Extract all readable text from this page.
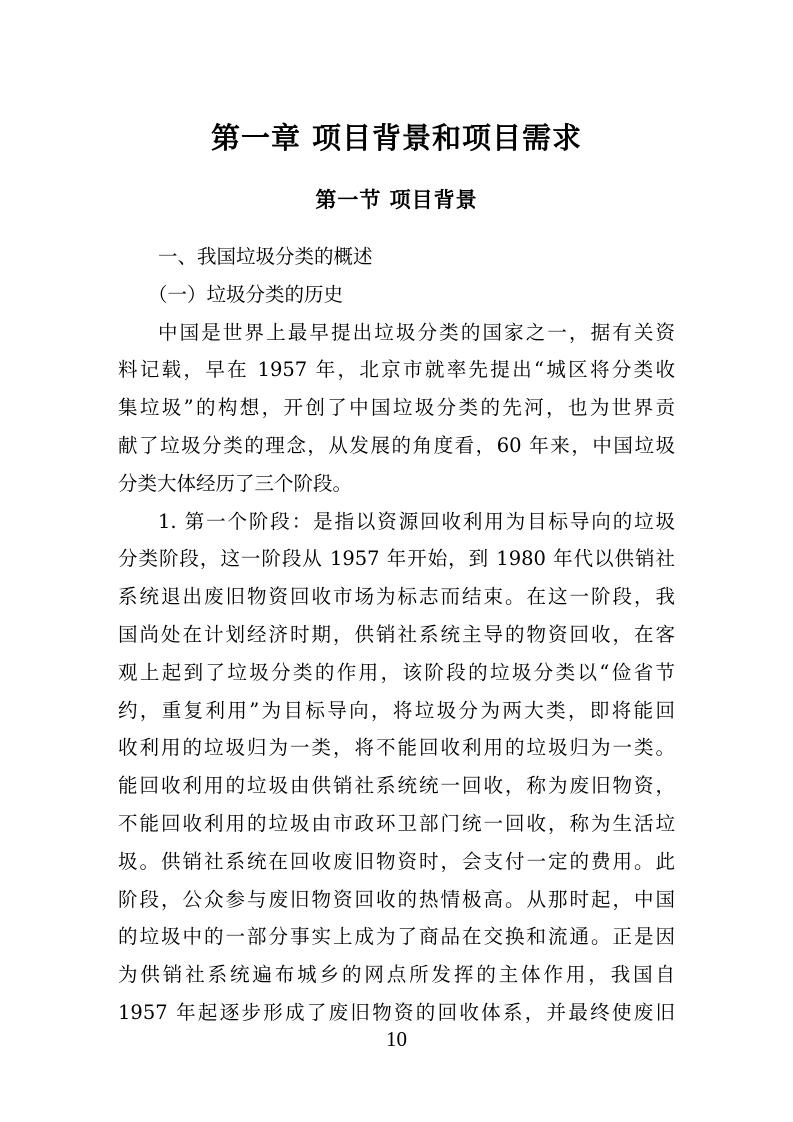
第一章 项目背景和项目需求
第一节 项目背景
一、我国垃圾分类的概述
（一）垃圾分类的历史
中国是世界上最早提出垃圾分类的国家之一，据有关资
料记载，早在 1957 年，北京市就率先提出“城区将分类收
集垃圾”的构想，开创了中国垃圾分类的先河，也为世界贡
献了垃圾分类的理念，从发展的角度看，60 年来，中国垃圾
分类大体经历了三个阶段。
1. 第一个阶段：是指以资源回收利用为目标导向的垃圾
分类阶段，这一阶段从 1957 年开始，到 1980 年代以供销社
系统退出废旧物资回收市场为标志而结束。在这一阶段，我
国尚处在计划经济时期，供销社系统主导的物资回收，在客
观上起到了垃圾分类的作用，该阶段的垃圾分类以“俭省节
约，重复利用”为目标导向，将垃圾分为两大类，即将能回
收利用的垃圾归为一类，将不能回收利用的垃圾归为一类。
能回收利用的垃圾由供销社系统统一回收，称为废旧物资，
不能回收利用的垃圾由市政环卫部门统一回收，称为生活垃
圾。供销社系统在回收废旧物资时，会支付一定的费用。此
阶段，公众参与废旧物资回收的热情极高。从那时起，中国
的垃圾中的一部分事实上成为了商品在交换和流通。正是因
为供销社系统遍布城乡的网点所发挥的主体作用，我国自
1957 年起逐步形成了废旧物资的回收体系，并最终使废旧
10
